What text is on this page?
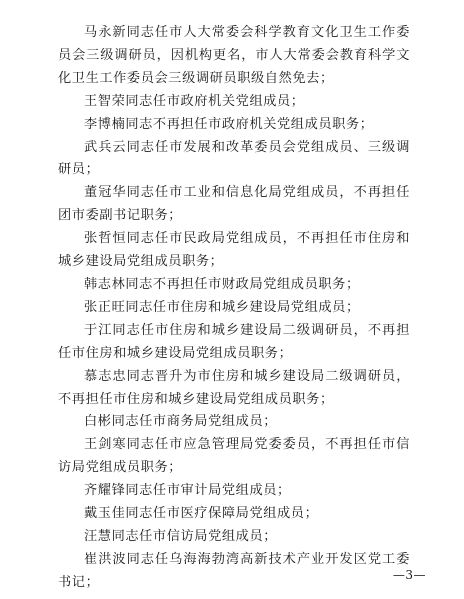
马永新同志任市人大常委会科学教育文化卫生工作委员会三级调研员，因机构更名，市人大常委会教育科学文化卫生工作委员会三级调研员职级自然免去；

王智荣同志任市政府机关党组成员；

李博楠同志不再担任市政府机关党组成员职务；

武兵云同志任市发展和改革委员会党组成员、三级调研员；

董冠华同志任市工业和信息化局党组成员，不再担任团市委副书记职务；

张哲恒同志任市民政局党组成员，不再担任市住房和城乡建设局党组成员职务；

韩志林同志不再担任市财政局党组成员职务；

张正旺同志任市住房和城乡建设局党组成员；

于江同志任市住房和城乡建设局二级调研员，不再担任市住房和城乡建设局党组成员职务；

慕志忠同志晋升为市住房和城乡建设局二级调研员，不再担任市住房和城乡建设局党组成员职务；

白彬同志任市商务局党组成员；

王剑寒同志任市应急管理局党委委员，不再担任市信访局党组成员职务；

齐耀锋同志任市审计局党组成员；

戴玉佳同志任市医疗保障局党组成员；

汪慧同志任市信访局党组成员；

崔洪波同志任乌海海勃湾高新技术产业开发区党工委书记；	—3—
